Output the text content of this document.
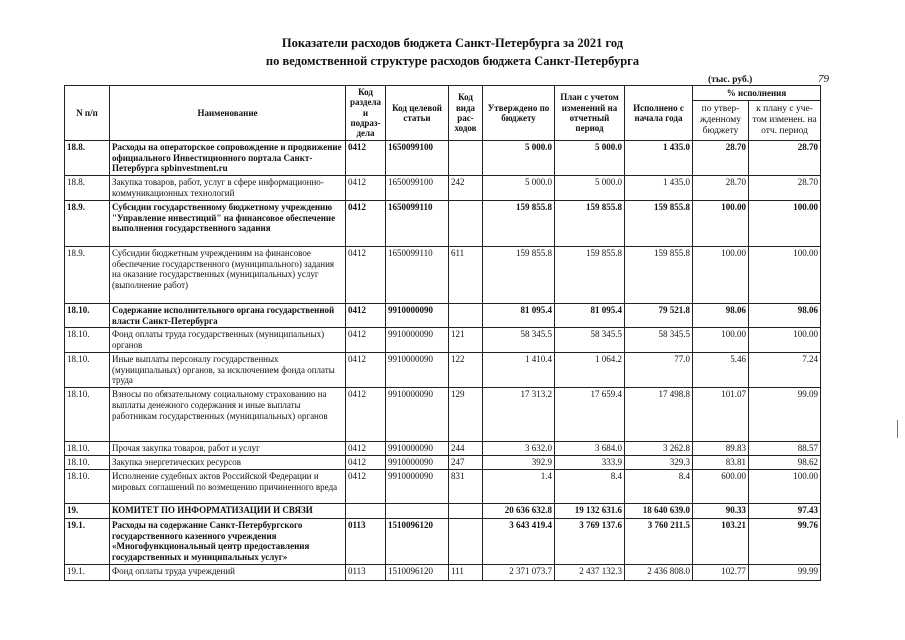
Показатели расходов бюджета Санкт-Петербурга за 2021 год
по ведомственной структуре расходов бюджета Санкт-Петербурга
(тыс. руб.)	79
N п/п	Наименование	Код раздела и подраз-дела	Код целевой статьи	Код вида рас-ходов	Утверждено по бюджету	План с учетом изменений на отчетный период	Исполнено с начала года	% исполнения	
								по утвер-жденному бюджету	к плану с уче-том изменен. на отч. период
18.8.	Расходы на операторское сопровождение и продвижение официального Инвестиционного портала Санкт-Петербурга spbinvestment.ru	0412	1650099100		5 000.0	5 000.0	1 435.0	28.70	28.70
18.8.	Закупка товаров, работ, услуг в сфере информационно-коммуникационных технологий	0412	1650099100	242	5 000.0	5 000.0	1 435.0	28.70	28.70
18.9.	Субсидии государственному бюджетному учреждению "Управление инвестиций" на финансовое обеспечение выполнения государственного задания	0412	1650099110		159 855.8	159 855.8	159 855.8	100.00	100.00
18.9.	Субсидии бюджетным учреждениям на финансовое обеспечение государственного (муниципального) задания на оказание государственных (муниципальных) услуг (выполнение работ)	0412	1650099110	611	159 855.8	159 855.8	159 855.8	100.00	100.00
18.10.	Содержание исполнительного органа государственной власти Санкт-Петербурга	0412	9910000090		81 095.4	81 095.4	79 521.8	98.06	98.06
18.10.	Фонд оплаты труда государственных (муниципальных) органов	0412	9910000090	121	58 345.5	58 345.5	58 345.5	100.00	100.00
18.10.	Иные выплаты персоналу государственных (муниципальных) органов, за исключением фонда оплаты труда	0412	9910000090	122	1 410.4	1 064.2	77.0	5.46	7.24
18.10.	Взносы по обязательному социальному страхованию на выплаты денежного содержания и иные выплаты работникам государственных (муниципальных) органов	0412	9910000090	129	17 313.2	17 659.4	17 498.8	101.07	99.09
18.10.	Прочая закупка товаров, работ и услуг	0412	9910000090	244	3 632.0	3 684.0	3 262.8	89.83	88.57
18.10.	Закупка энергетических ресурсов	0412	9910000090	247	392.9	333.9	329.3	83.81	98.62
18.10.	Исполнение судебных актов Российской Федерации и мировых соглашений по возмещению причиненного вреда	0412	9910000090	831	1.4	8.4	8.4	600.00	100.00
19.	КОМИТЕТ ПО ИНФОРМАТИЗАЦИИ И СВЯЗИ				20 636 632.8	19 132 631.6	18 640 639.0	90.33	97.43
19.1.	Расходы на содержание Санкт-Петербургского государственного казенного учреждения «Многофункциональный центр предоставления государственных и муниципальных услуг»	0113	1510096120		3 643 419.4	3 769 137.6	3 760 211.5	103.21	99.76
19.1.	Фонд оплаты труда учреждений	0113	1510096120	111	2 371 073.7	2 437 132.3	2 436 808.0	102.77	99.99
